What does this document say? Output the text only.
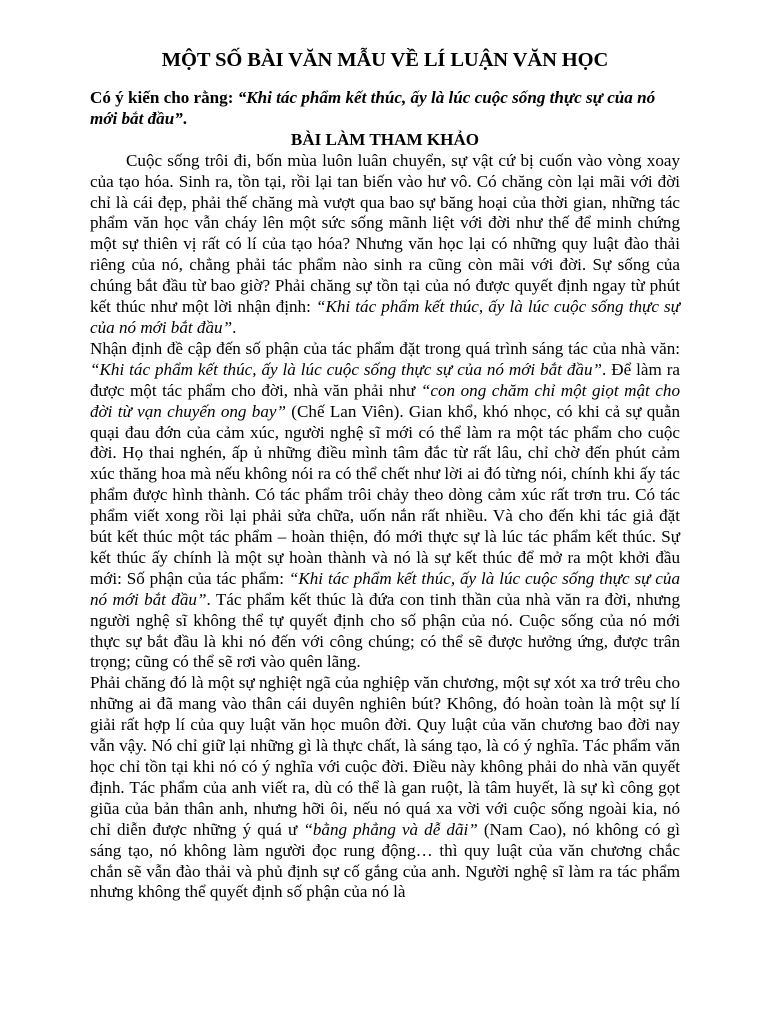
MỘT SỐ BÀI VĂN MẪU VỀ LÍ LUẬN VĂN HỌC

Có ý kiến cho rằng: “Khi tác phẩm kết thúc, ấy là lúc cuộc sống thực sự của nó mới bắt đầu”.

BÀI LÀM THAM KHẢO

Cuộc sống trôi đi, bốn mùa luôn luân chuyển, sự vật cứ bị cuốn vào vòng xoay của tạo hóa. Sinh ra, tồn tại, rồi lại tan biến vào hư vô. Có chăng còn lại mãi với đời chỉ là cái đẹp, phải thế chăng mà vượt qua bao sự băng hoại của thời gian, những tác phẩm văn học vẫn cháy lên một sức sống mãnh liệt với đời như thế để minh chứng một sự thiên vị rất có lí của tạo hóa? Nhưng văn học lại có những quy luật đào thải riêng của nó, chẳng phải tác phẩm nào sinh ra cũng còn mãi với đời. Sự sống của chúng bắt đầu từ bao giờ? Phải chăng sự tồn tại của nó được quyết định ngay từ phút kết thúc như một lời nhận định: “Khi tác phẩm kết thúc, ấy là lúc cuộc sống thực sự của nó mới bắt đầu”.

Nhận định đề cập đến số phận của tác phẩm đặt trong quá trình sáng tác của nhà văn: “Khi tác phẩm kết thúc, ấy là lúc cuộc sống thực sự của nó mới bắt đầu”. Để làm ra được một tác phẩm cho đời, nhà văn phải như “con ong chăm chỉ một giọt mật cho đời từ vạn chuyến ong bay” (Chế Lan Viên). Gian khổ, khó nhọc, có khi cả sự quằn quại đau đớn của cảm xúc, người nghệ sĩ mới có thể làm ra một tác phẩm cho cuộc đời. Họ thai nghén, ấp ủ những điều mình tâm đắc từ rất lâu, chỉ chờ đến phút cảm xúc thăng hoa mà nếu không nói ra có thể chết như lời ai đó từng nói, chính khi ấy tác phẩm được hình thành. Có tác phẩm trôi chảy theo dòng cảm xúc rất trơn tru. Có tác phẩm viết xong rồi lại phải sửa chữa, uốn nắn rất nhiều. Và cho đến khi tác giả đặt bút kết thúc một tác phẩm – hoàn thiện, đó mới thực sự là lúc tác phẩm kết thúc. Sự kết thúc ấy chính là một sự hoàn thành và nó là sự kết thúc để mở ra một khởi đầu mới: Số phận của tác phẩm: “Khi tác phẩm kết thúc, ấy là lúc cuộc sống thực sự của nó mới bắt đầu”. Tác phẩm kết thúc là đứa con tinh thần của nhà văn ra đời, nhưng người nghệ sĩ không thể tự quyết định cho số phận của nó. Cuộc sống của nó mới thực sự bắt đầu là khi nó đến với công chúng; có thể sẽ được hưởng ứng, được trân trọng; cũng có thể sẽ rơi vào quên lãng.

Phải chăng đó là một sự nghiệt ngã của nghiệp văn chương, một sự xót xa trớ trêu cho những ai đã mang vào thân cái duyên nghiên bút? Không, đó hoàn toàn là một sự lí giải rất hợp lí của quy luật văn học muôn đời. Quy luật của văn chương bao đời nay vẫn vậy. Nó chỉ giữ lại những gì là thực chất, là sáng tạo, là có ý nghĩa. Tác phẩm văn học chỉ tồn tại khi nó có ý nghĩa với cuộc đời. Điều này không phải do nhà văn quyết định. Tác phẩm của anh viết ra, dù có thể là gan ruột, là tâm huyết, là sự kì công gọt giũa của bản thân anh, nhưng hỡi ôi, nếu nó quá xa vời với cuộc sống ngoài kia, nó chỉ diễn được những ý quá ư “bằng phẳng và dễ dãi” (Nam Cao), nó không có gì sáng tạo, nó không làm người đọc rung động… thì quy luật của văn chương chắc chắn sẽ vẫn đào thải và phủ định sự cố gắng của anh. Người nghệ sĩ làm ra tác phẩm nhưng không thể quyết định số phận của nó là
